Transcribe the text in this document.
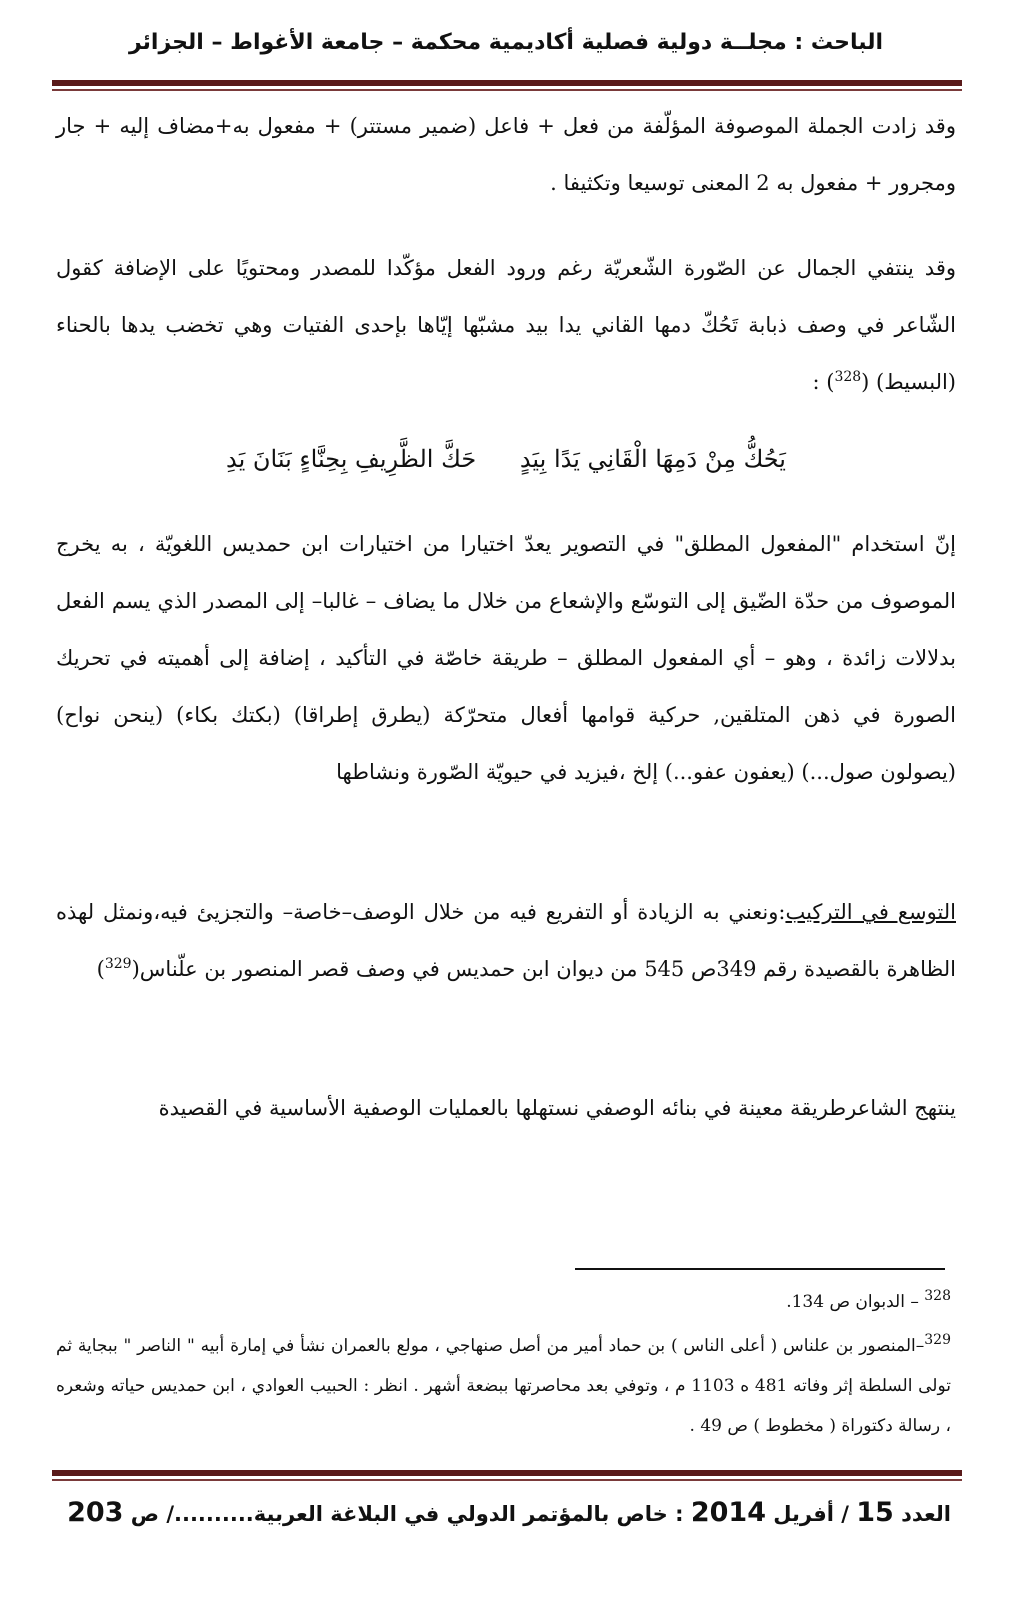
الباحث : مجلــة دولية فصلية أكاديمية محكمة – جامعة الأغواط – الجزائر
وقد زادت الجملة الموصوفة المؤلّفة من فعل + فاعل (ضمير مستتر) + مفعول به+مضاف إليه + جار ومجرور + مفعول به 2 المعنى توسيعا وتكثيفا .
وقد ينتفي الجمال عن الصّورة الشّعريّة رغم ورود الفعل مؤكّدا للمصدر ومحتويًا على الإضافة كقول الشّاعر في وصف ذبابة تَحُكّ دمها القاني يدا بيد مشبّها إيّاها بإحدى الفتيات وهي تخضب يدها بالحناء (البسيط) ($^{328}$) :
يَحُكُّ مِنْ دَمِهَا الْقَانِي يَدًا بِيَدٍ حَكَّ الظَّرِيفِ بِحِنَّاءٍ بَنَانَ يَدِ
إنّ استخدام "المفعول المطلق" في التصوير يعدّ اختيارا من اختيارات ابن حمديس اللغويّة ، به يخرج الموصوف من حدّة الضّيق إلى التوسّع والإشعاع من خلال ما يضاف – غالبا– إلى المصدر الذي يسم الفعل بدلالات زائدة ، وهو – أي المفعول المطلق – طريقة خاصّة في التأكيد ، إضافة إلى أهميته في تحريك الصورة في ذهن المتلقين, حركية قوامها أفعال متحرّكة (يطرق إطراقا) (بكتك بكاء) (ينحن نواح) (يصولون صول...) (يعفون عفو...) إلخ ،فيزيد في حيويّة الصّورة ونشاطها
التوسع في التركيب:ونعني به الزيادة أو التفريع فيه من خلال الوصف–خاصة– والتجزيئ فيه،ونمثل لهذه الظاهرة بالقصيدة رقم 349ص 545 من ديوان ابن حمديس في وصف قصر المنصور بن علّناس($^{329}$)
ينتهج الشاعرطريقة معينة في بنائه الوصفي نستهلها بالعمليات الوصفية الأساسية في القصيدة
$^{328}$ – الدبوان ص 134.
$^{329}$–المنصور بن علناس ( أعلى الناس ) بن حماد أمير من أصل صنهاجي ، مولع بالعمران نشأ في إمارة أبيه " الناصر " ببجاية ثم تولى السلطة إثر وفاته 481 ه 1103 م ، وتوفي بعد محاصرتها ببضعة أشهر . انظر : الحبيب العوادي ، ابن حمديس حياته وشعره ، رسالة دكتوراة ( مخطوط ) ص 49 .
العدد 15 / أفريل 2014 : خاص بالمؤتمر الدولي في البلاغة العربية........../ ص 203
